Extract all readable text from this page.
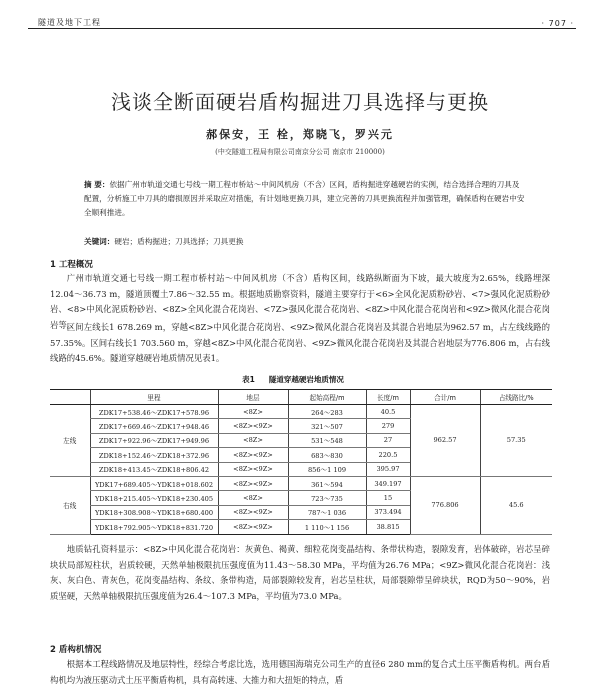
隧道及地下工程	· 707 ·
浅谈全断面硬岩盾构掘进刀具选择与更换
郝保安，王 栓，郑晓飞，罗兴元
(中交隧道工程局有限公司南京分公司 南京市 210000)
摘 要：依据广州市轨道交通七号线一期工程市桥站～中间风机房（不含）区间，盾构掘进穿越硬岩的实例，结合选择合理的刀具及配置，分析施工中刀具的磨损原因并采取应对措施，有计划地更换刀具，建立完善的刀具更换流程并加强管理，确保盾构在硬岩中安全顺利推进。
关键词：硬岩；盾构掘进；刀具选择；刀具更换
1 工程概况
广州市轨道交通七号线一期工程市桥村站～中间风机房（不含）盾构区间，线路纵断面为下坡，最大坡度为2.65%，线路埋深12.04～36.73 m，隧道顶覆土7.86～32.55 m。根据地质勘察资料，隧道主要穿行于<6>全风化泥质粉砂岩、<7>强风化泥质粉砂岩、<8>中风化泥质粉砂岩、<8Z>全风化混合花岗岩、<7Z>强风化混合花岗岩、<8Z>中风化混合花岗岩和<9Z>微风化混合花岗岩等。
区间左线长1 678.269 m，穿越<8Z>中风化混合花岗岩、<9Z>微风化混合花岗岩及其混合岩地层为962.57 m，占左线线路的57.35%。区间右线长1 703.560 m，穿越<8Z>中风化混合花岗岩、<9Z>微风化混合花岗岩及其混合岩地层为776.806 m，占右线线路的45.6%。隧道穿越硬岩地质情况见表1。
表1 隧道穿越硬岩地质情况
	里程	地层	起始高程/m	长度/m	合计/m	占线路比/%
左线	ZDK17+538.46～ZDK17+578.96	<8Z>	264～283	40.5	962.57	57.35
	ZDK17+669.46～ZDK17+948.46	<8Z><9Z>	321～507	279		
	ZDK17+922.96～ZDK17+949.96	<8Z>	531～548	27		
	ZDK18+152.46～ZDK18+372.96	<8Z><9Z>	683～830	220.5		
	ZDK18+413.45～ZDK18+806.42	<8Z><9Z>	856～1 109	395.97		
右线	YDK17+689.405～YDK18+018.602	<8Z><9Z>	361～594	349.197	776.806	45.6
	YDK18+215.405～YDK18+230.405	<8Z>	723～735	15		
	YDK18+308.908～YDK18+680.400	<8Z><9Z>	787～1 036	373.494		
	YDK18+792.905～YDK18+831.720	<8Z><9Z>	1 110～1 156	38.815		
地质钻孔资料显示：<8Z>中风化混合花岗岩：灰黄色、褐黄、细粒花岗变晶结构、条带状构造，裂隙发育，岩体破碎，岩芯呈碎块状局部短柱状，岩质较硬，天然单轴极限抗压强度值为11.43～58.30 MPa，平均值为26.76 MPa；<9Z>微风化混合花岗岩：浅灰、灰白色、青灰色，花岗变晶结构、条纹、条带构造，局部裂隙较发育，岩芯呈柱状，局部裂隙带呈碎块状，RQD为50～90%，岩质坚硬，天然单轴极限抗压强度值为26.4～107.3 MPa，平均值为73.0 MPa。
2 盾构机情况
根据本工程线路情况及地层特性，经综合考虑比选，选用德国海瑞克公司生产的直径6 280 mm的复合式土压平衡盾构机。两台盾构机均为液压驱动式土压平衡盾构机，具有高转速、大推力和大扭矩的特点，盾
